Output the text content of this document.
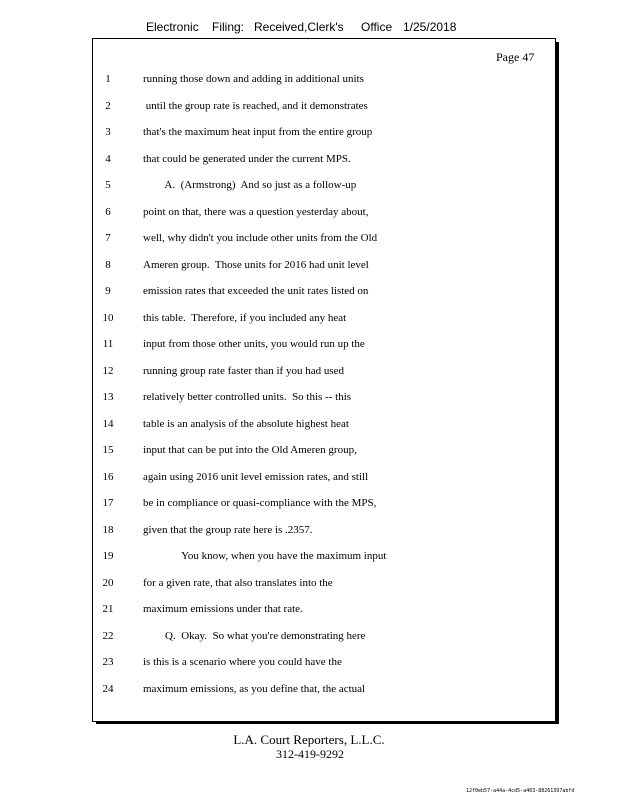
Electronic Filing: Received,Clerk's Office 1/25/2018
Page 47
1	running those down and adding in additional units
2	until the group rate is reached, and it demonstrates
3	that's the maximum heat input from the entire group
4	that could be generated under the current MPS.
5	A.  (Armstrong)  And so just as a follow-up
6	point on that, there was a question yesterday about,
7	well, why didn't you include other units from the Old
8	Ameren group.  Those units for 2016 had unit level
9	emission rates that exceeded the unit rates listed on
10	this table.  Therefore, if you included any heat
11	input from those other units, you would run up the
12	running group rate faster than if you had used
13	relatively better controlled units.  So this -- this
14	table is an analysis of the absolute highest heat
15	input that can be put into the Old Ameren group,
16	again using 2016 unit level emission rates, and still
17	be in compliance or quasi-compliance with the MPS,
18	given that the group rate here is .2357.
19	You know, when you have the maximum input
20	for a given rate, that also translates into the
21	maximum emissions under that rate.
22	Q.  Okay.  So what you're demonstrating here
23	is this is a scenario where you could have the
24	maximum emissions, as you define that, the actual
L.A. Court Reporters, L.L.C.
312-419-9292
12f0eb57-a44a-4cd5-a403-88261397abfd
